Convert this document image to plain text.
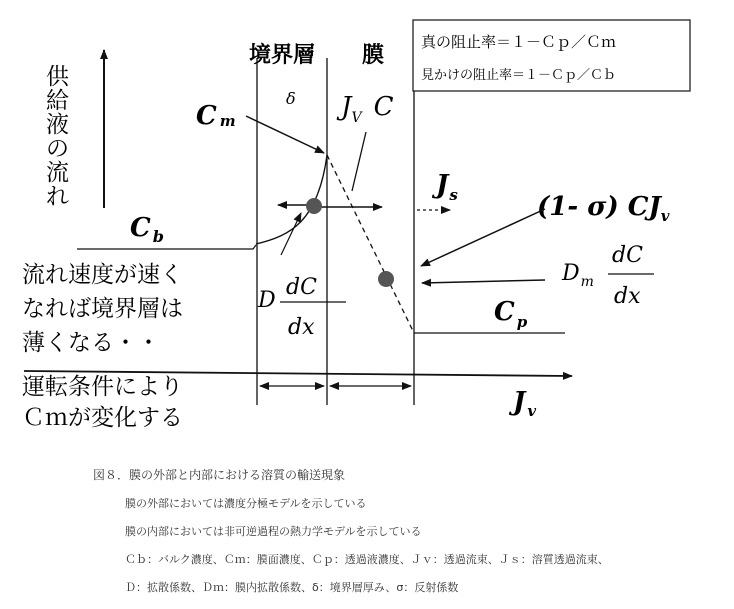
境界層 膜
真の阻止率＝１－Ｃｐ／Ｃｍ
見かけの阻止率＝１－Ｃｐ／Ｃｂ
供
給
液
の
流
れ
Cm
δ $J_V$ C
$J_s$	(1- σ) $CJ_v$
C $_b$
$D_m$
dC
dx
D
dC
dx
C $_p$
流れ速度が速く
なれば境界層は
薄くなる・・
運転条件により
Ｃｍが変化する
J $_v$
図８．膜の外部と内部における溶質の輸送現象
膜の外部においては濃度分極モデルを示している
膜の内部においては非可逆過程の熱力学モデルを示している
Ｃｂ：バルク濃度、Ｃｍ：膜面濃度、Ｃｐ：透過液濃度、Ｊｖ：透過流束、Ｊｓ：溶質透過流束、
Ｄ：拡散係数、Ｄｍ：膜内拡散係数、δ：境界層厚み、σ：反射係数
